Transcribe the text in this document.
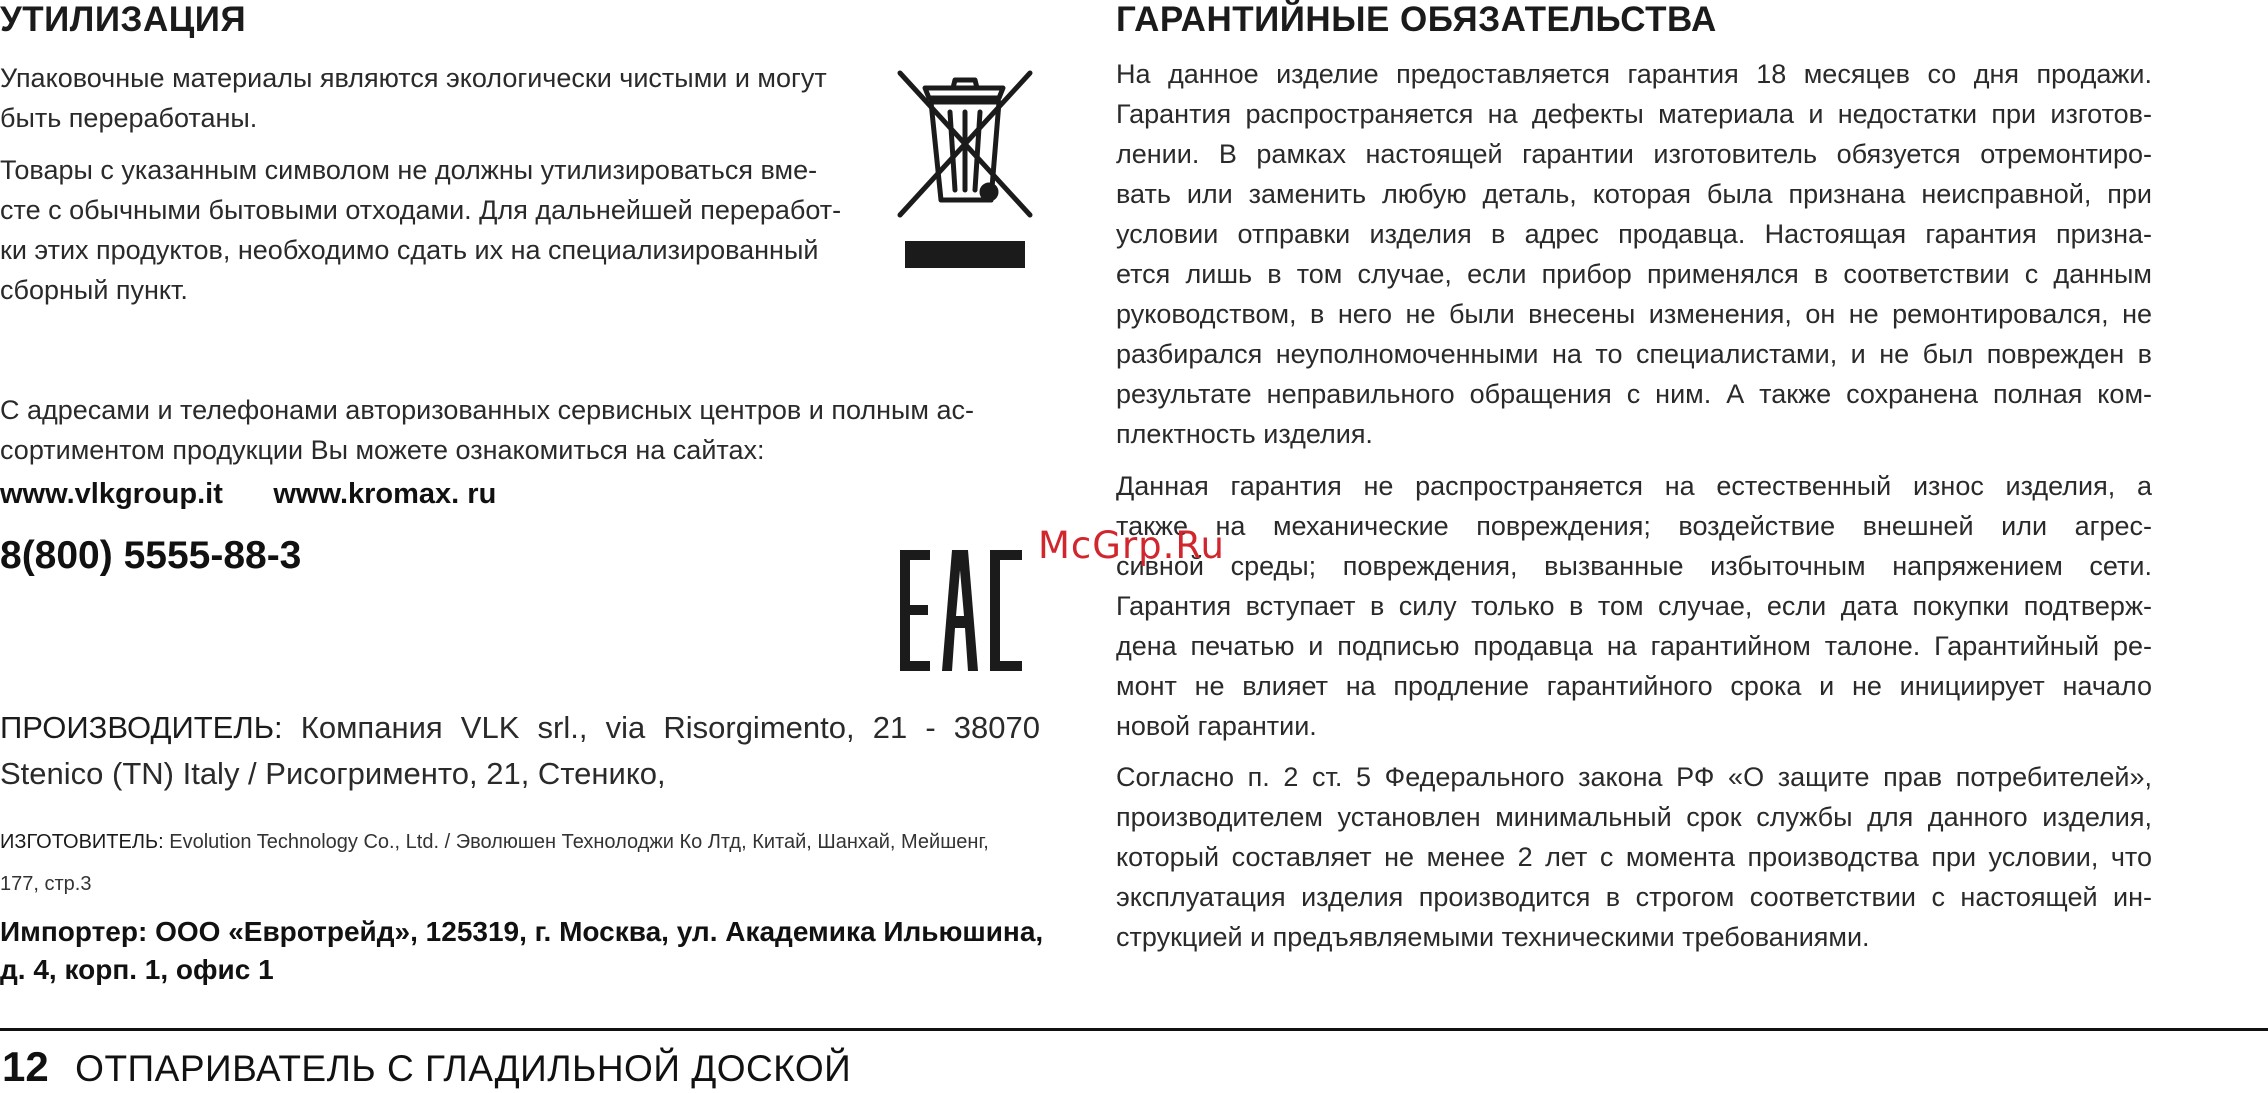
УТИЛИЗАЦИЯ

Упаковочные материалы являются экологически чистыми и могут

быть переработаны.

Товары с указанным символом не должны утилизироваться вме-

сте с обычными бытовыми отходами. Для дальнейшей переработ-

ки этих продуктов, необходимо сдать их на специализированный

сборный пункт.

С адресами и телефонами авторизованных сервисных центров и полным ас-

сортиментом продукции Вы можете ознакомиться на сайтах:

www.vlkgroup.it www.kromax. ru
8(800) 5555-88-3
ПРОИЗВОДИТЕЛЬ: Компания VLK srl., via Risorgimento, 21 - 38070
Stenico (TN) Italy / Рисогрименто, 21, Стенико,
ИЗГОТОВИТЕЛЬ: Evolution Technology Co., Ltd. / Эволюшен Технолоджи Ко Лтд, Китай, Шанхай, Мейшенг,
177, стр.3
Импортер: ООО «Евротрейд», 125319, г. Москва, ул. Академика Ильюшина,
д. 4, корп. 1, офис 1
ГАРАНТИЙНЫЕ ОБЯЗАТЕЛЬСТВА

На данное изделие предоставляется гарантия 18 месяцев со дня продажи.

Гарантия распространяется на дефекты материала и недостатки при изготов-

лении. В рамках настоящей гарантии изготовитель обязуется отремонтиро-

вать или заменить любую деталь, которая была признана неисправной, при

условии отправки изделия в адрес продавца. Настоящая гарантия призна-

ется лишь в том случае, если прибор применялся в соответствии с данным

руководством, в него не были внесены изменения, он не ремонтировался, не

разбирался неуполномоченными на то специалистами, и не был поврежден в

результате неправильного обращения с ним. А также сохранена полная ком-

плектность изделия.

Данная гарантия не распространяется на естественный износ изделия, а

также на механические повреждения; воздействие внешней или агрес-

сивной среды; повреждения, вызванные избыточным напряжением сети.

Гарантия вступает в силу только в том случае, если дата покупки подтверж-

дена печатью и подписью продавца на гарантийном талоне. Гарантийный ре-

монт не влияет на продление гарантийного срока и не инициирует начало

новой гарантии.

Согласно п. 2 ст. 5 Федерального закона РФ «О защите прав потребителей»,

производителем установлен минимальный срок службы для данного изделия,

который составляет не менее 2 лет с момента производства при условии, что

эксплуатация изделия производится в строгом соответствии с настоящей ин-

струкцией и предъявляемыми техническими требованиями.

McGrp.Ru
12 ОТПАРИВАТЕЛЬ С ГЛАДИЛЬНОЙ ДОСКОЙ
